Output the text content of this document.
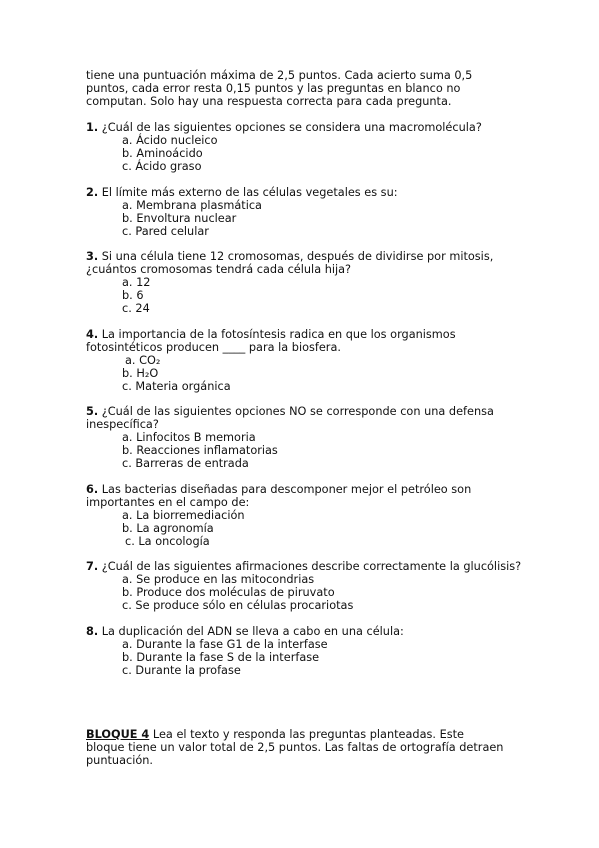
tiene una puntuación máxima de 2,5 puntos. Cada acierto suma 0,5 puntos, cada error resta 0,15 puntos y las preguntas en blanco no computan. Solo hay una respuesta correcta para cada pregunta.
1. ¿Cuál de las siguientes opciones se considera una macromolécula?
a. Ácido nucleico
b. Aminoácido
c. Ácido graso
2. El límite más externo de las células vegetales es su:
a. Membrana plasmática
b. Envoltura nuclear
c. Pared celular
3. Si una célula tiene 12 cromosomas, después de dividirse por mitosis, ¿cuántos cromosomas tendrá cada célula hija?
a. 12
b. 6
c. 24
4. La importancia de la fotosíntesis radica en que los organismos fotosintéticos producen ____ para la biosfera.
a. CO₂
b. H₂O
c. Materia orgánica
5. ¿Cuál de las siguientes opciones NO se corresponde con una defensa inespecífica?
a. Linfocitos B memoria
b. Reacciones inflamatorias
c. Barreras de entrada
6. Las bacterias diseñadas para descomponer mejor el petróleo son importantes en el campo de:
a. La biorremediación
b. La agronomía
c. La oncología
7. ¿Cuál de las siguientes afirmaciones describe correctamente la glucólisis?
a. Se produce en las mitocondrias
b. Produce dos moléculas de piruvato
c. Se produce sólo en células procariotas
8. La duplicación del ADN se lleva a cabo en una célula:
a. Durante la fase G1 de la interfase
b. Durante la fase S de la interfase
c. Durante la profase
BLOQUE 4 Lea el texto y responda las preguntas planteadas. Este bloque tiene un valor total de 2,5 puntos. Las faltas de ortografía detraen puntuación.
